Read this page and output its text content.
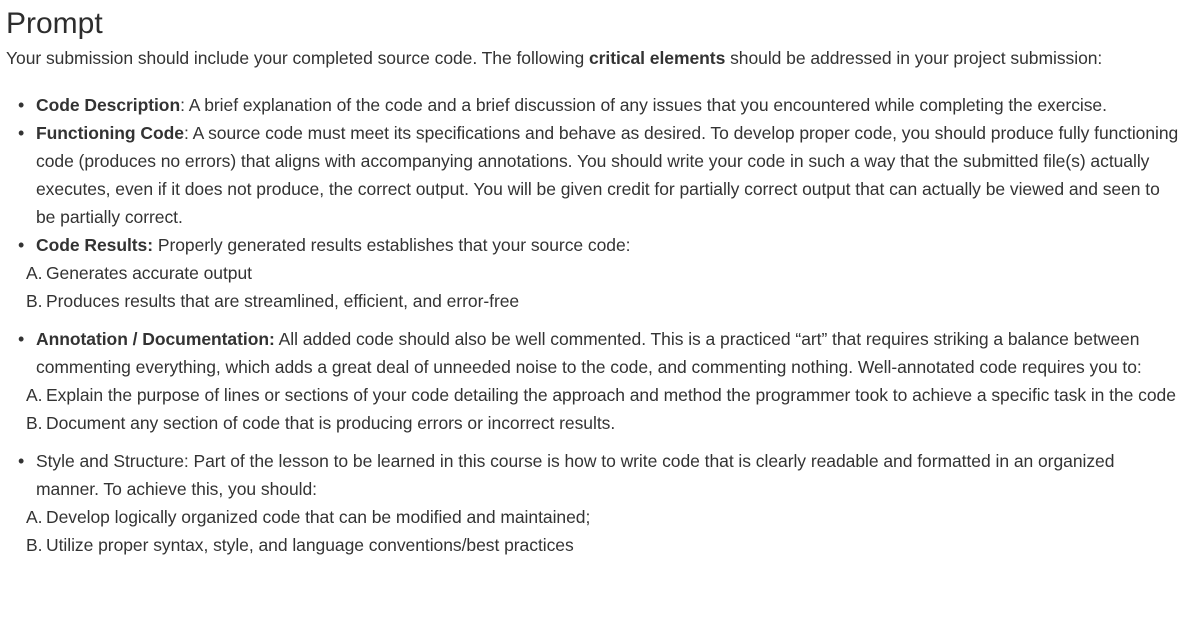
Prompt

Your submission should include your completed source code. The following critical elements should be addressed in your project submission:

• Code Description: A brief explanation of the code and a brief discussion of any issues that you encountered while completing the exercise.
• Functioning Code: A source code must meet its specifications and behave as desired. To develop proper code, you should produce fully functioning code (produces no errors) that aligns with accompanying annotations. You should write your code in such a way that the submitted file(s) actually executes, even if it does not produce, the correct output. You will be given credit for partially correct output that can actually be viewed and seen to be partially correct.
• Code Results: Properly generated results establishes that your source code:
A. Generates accurate output
B. Produces results that are streamlined, efficient, and error-free
• Annotation / Documentation: All added code should also be well commented. This is a practiced “art” that requires striking a balance between commenting everything, which adds a great deal of unneeded noise to the code, and commenting nothing. Well-annotated code requires you to:
A. Explain the purpose of lines or sections of your code detailing the approach and method the programmer took to achieve a specific task in the code
B. Document any section of code that is producing errors or incorrect results.
• Style and Structure: Part of the lesson to be learned in this course is how to write code that is clearly readable and formatted in an organized manner. To achieve this, you should:
A. Develop logically organized code that can be modified and maintained;
B. Utilize proper syntax, style, and language conventions/best practices
